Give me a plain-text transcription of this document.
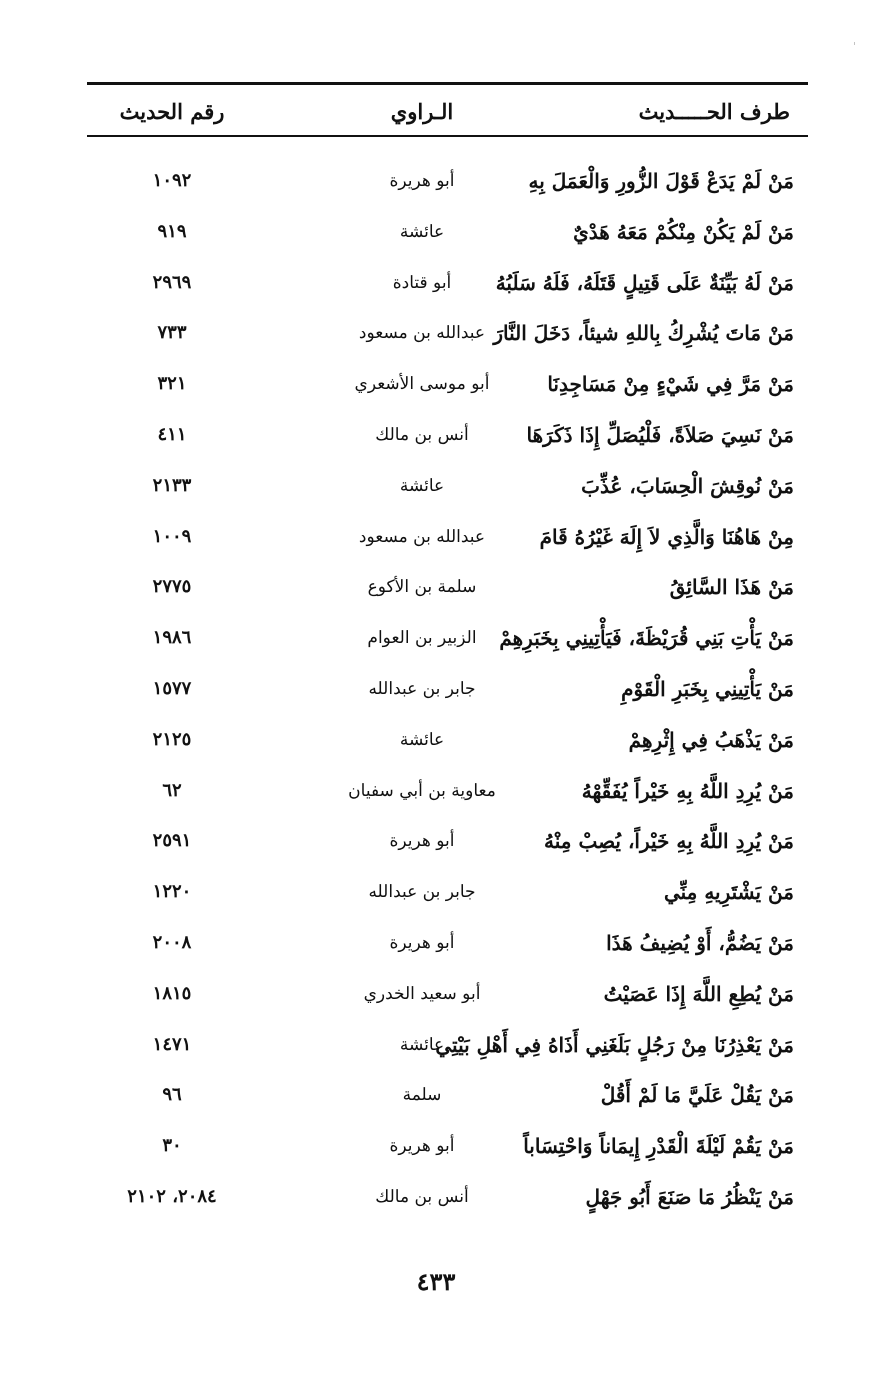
'
طرف الحـــــديث
الـراوي
رقم الحديث
مَنْ لَمْ يَدَعْ قَوْلَ الزُّورِ وَالْعَمَلَ بِهِ
أبو هريرة
١٠٩٢
مَنْ لَمْ يَكُنْ مِنْكُمْ مَعَهُ هَدْيٌ
عائشة
٩١٩
مَنْ لَهُ بَيِّنَةٌ عَلَى قَتِيلٍ قَتَلَهُ، فَلَهُ سَلَبُهُ
أبو قتادة
٢٩٦٩
مَنْ مَاتَ يُشْرِكُ بِاللهِ شيئاً، دَخَلَ النَّارَ
عبدالله بن مسعود
٧٣٣
مَنْ مَرَّ فِي شَيْءٍ مِنْ مَسَاجِدِنَا
أبو موسى الأشعري
٣٢١
مَنْ نَسِيَ صَلاَةً، فَلْيُصَلِّ إِذَا ذَكَرَهَا
أنس بن مالك
٤١١
مَنْ نُوقِشَ الْحِسَابَ، عُذِّبَ
عائشة
٢١٣٣
مِنْ هَاهُنَا وَالَّذِي لاَ إِلَهَ غَيْرُهُ قَامَ
عبدالله بن مسعود
١٠٠٩
مَنْ هَذَا السَّائِقُ
سلمة بن الأكوع
٢٧٧٥
مَنْ يَأْتِ بَنِي قُرَيْظَةَ، فَيَأْتِينِي بِخَبَرِهِمْ
الزبير بن العوام
١٩٨٦
مَنْ يَأْتِينِي بِخَبَرِ الْقَوْمِ
جابر بن عبدالله
١٥٧٧
مَنْ يَذْهَبُ فِي إِثْرِهِمْ
عائشة
٢١٢٥
مَنْ يُرِدِ اللَّهُ بِهِ خَيْراً يُفَقِّهْهُ
معاوية بن أبي سفيان
٦٢
مَنْ يُرِدِ اللَّهُ بِهِ خَيْراً، يُصِبْ مِنْهُ
أبو هريرة
٢٥٩١
مَنْ يَشْتَرِيهِ مِنِّي
جابر بن عبدالله
١٢٢٠
مَنْ يَضُمُّ، أَوْ يُضِيفُ هَذَا
أبو هريرة
٢٠٠٨
مَنْ يُطِعِ اللَّهَ إِذَا عَصَيْتُ
أبو سعيد الخدري
١٨١٥
مَنْ يَعْذِرُنَا مِنْ رَجُلٍ بَلَغَنِي أَذَاهُ فِي أَهْلِ بَيْتِي
عائشة
١٤٧١
مَنْ يَقُلْ عَلَيَّ مَا لَمْ أَقُلْ
سلمة
٩٦
مَنْ يَقُمْ لَيْلَةَ الْقَدْرِ إِيمَاناً وَاحْتِسَاباً
أبو هريرة
٣٠
مَنْ يَنْظُرُ مَا صَنَعَ أَبُو جَهْلٍ
أنس بن مالك
٢٠٨٤، ٢١٠٢
٤٣٣
